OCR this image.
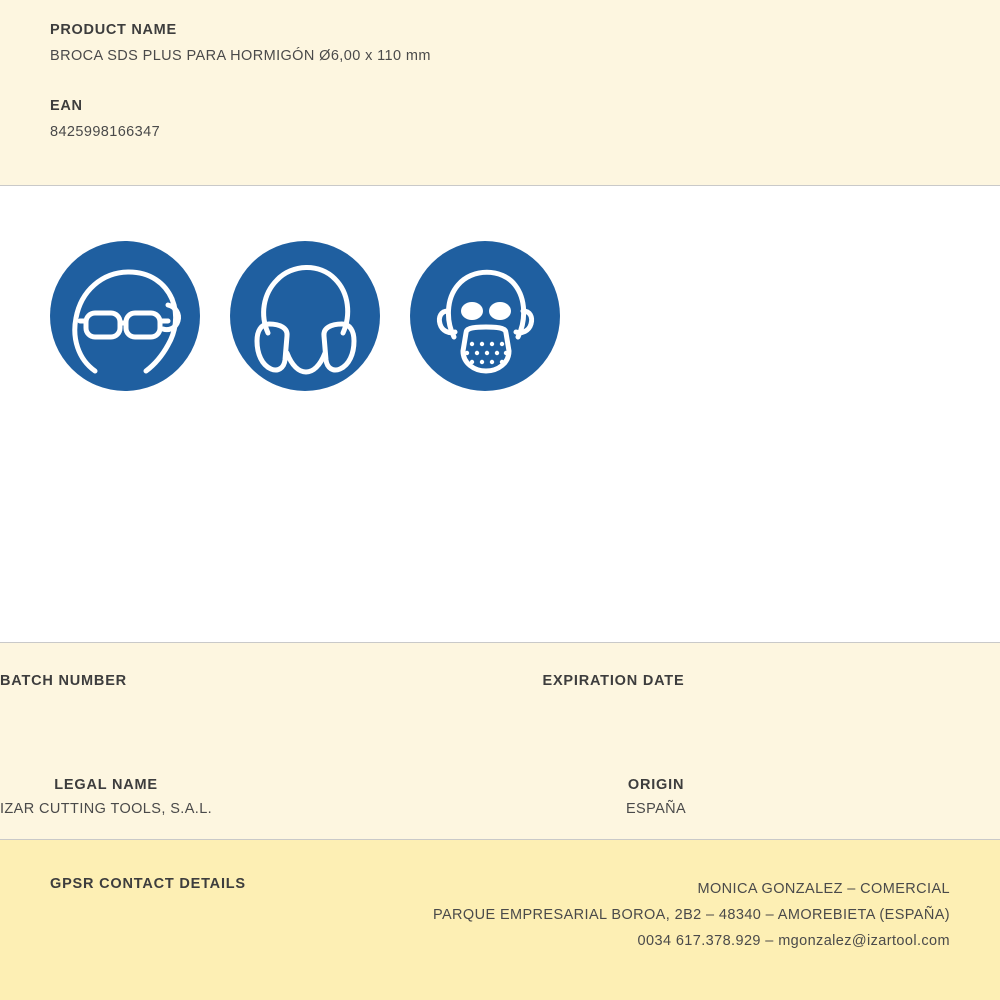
PRODUCT NAME

BROCA SDS PLUS PARA HORMIGÓN Ø6,00 x 110 mm

EAN

8425998166347

BATCH NUMBER	EXPIRATION DATE

LEGAL NAME

IZAR CUTTING TOOLS, S.A.L.

ORIGIN

ESPAÑA

GPSR CONTACT DETAILS	MONICA GONZALEZ – COMERCIAL
PARQUE EMPRESARIAL BOROA, 2B2 – 48340 – AMOREBIETA (ESPAÑA)
0034 617.378.929 – mgonzalez@izartool.com
